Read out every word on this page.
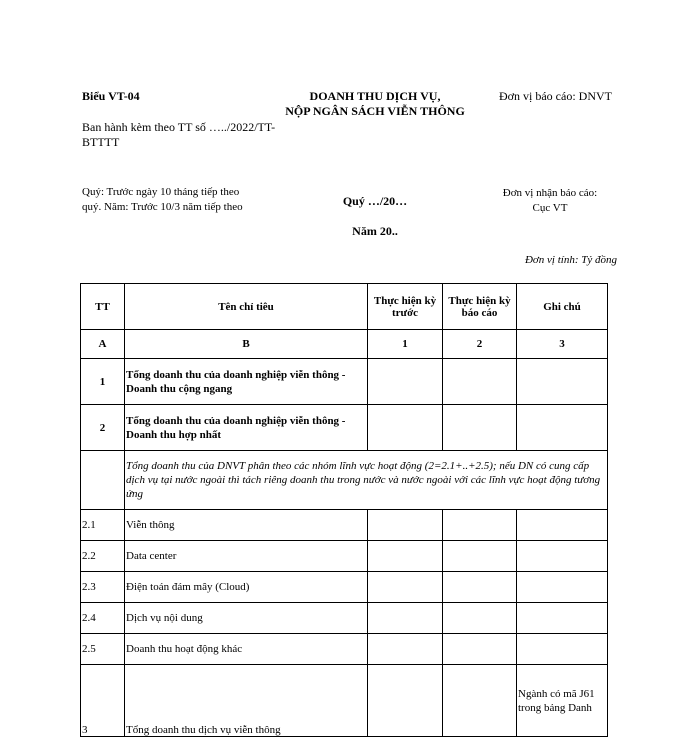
Biểu VT-04
Ban hành kèm theo TT số …../2022/TT-BTTTT
DOANH THU DỊCH VỤ,
NỘP NGÂN SÁCH VIỄN THÔNG
Đơn vị báo cáo: DNVT
Quý: Trước ngày 10 tháng tiếp theo
quý. Năm: Trước 10/3 năm tiếp theo	Quý …/20…
Năm 20..
Đơn vị nhận báo cáo:
Cục VT
Đơn vị tính: Tỷ đồng
TT	Tên chỉ tiêu	Thực hiện kỳ trước	Thực hiện kỳ báo cáo	Ghi chú
A	B	1	2	3
1	Tổng doanh thu của doanh nghiệp viễn thông - Doanh thu cộng ngang			
2	Tổng doanh thu của doanh nghiệp viễn thông - Doanh thu hợp nhất			
	Tổng doanh thu của DNVT phân theo các nhóm lĩnh vực hoạt động (2=2.1+..+2.5); nếu DN có cung cấp dịch vụ tại nước ngoài thì tách riêng doanh thu trong nước và nước ngoài với các lĩnh vực hoạt động tương ứng			
2.1	Viễn thông			
2.2	Data center			
2.3	Điện toán đám mây (Cloud)			
2.4	Dịch vụ nội dung			
2.5	Doanh thu hoạt động khác			
3	Tổng doanh thu dịch vụ viễn thông			Ngành có mã J61 trong bảng Danh
